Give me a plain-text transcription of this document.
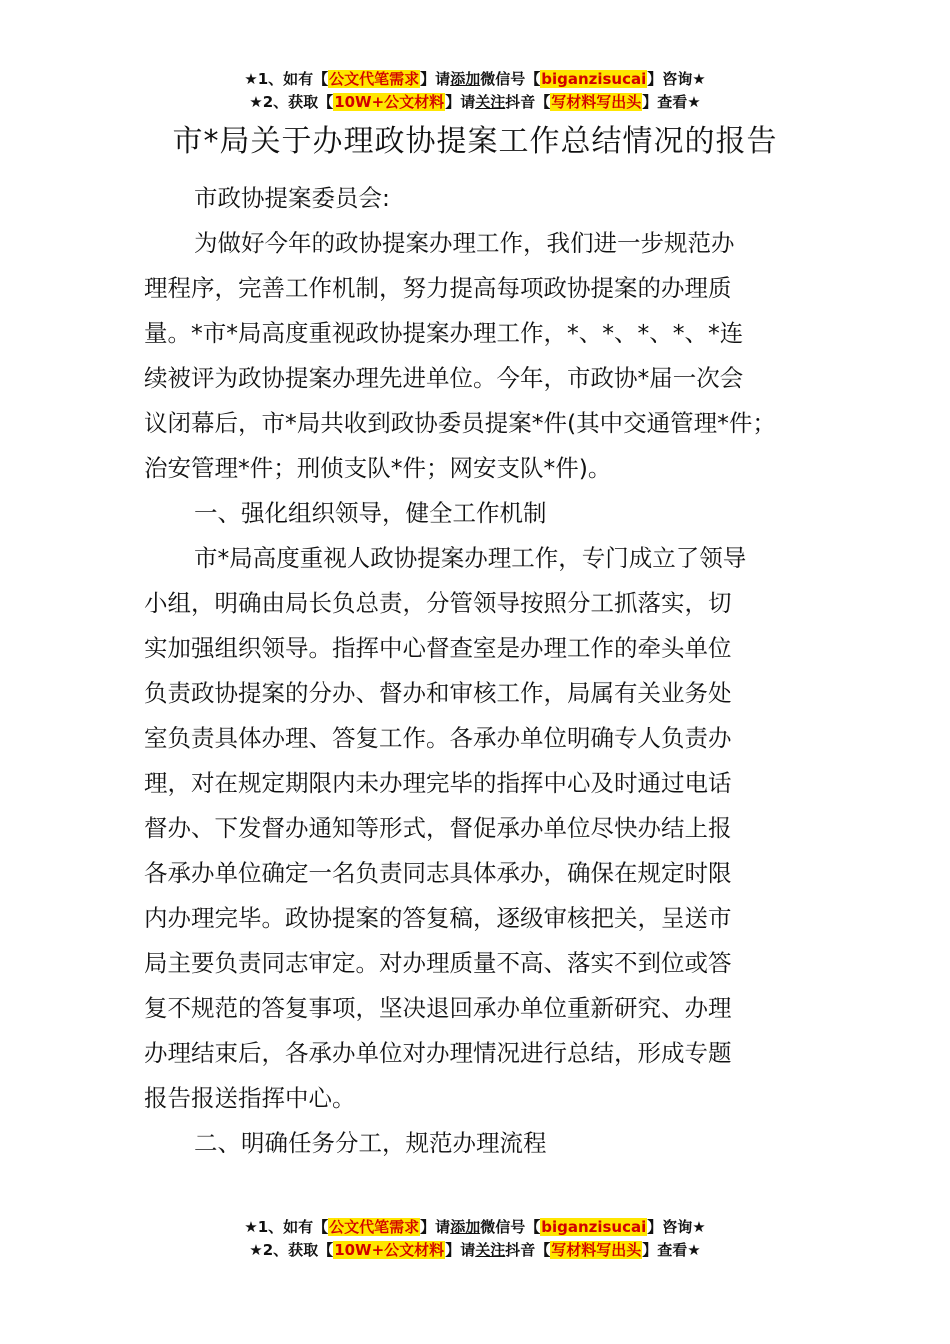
★1、如有【公文代笔需求】请添加微信号【biganzisucai】咨询★
★2、获取【10W+公文材料】请关注抖音【写材料写出头】查看★
市*局关于办理政协提案工作总结情况的报告

市政协提案委员会:

为做好今年的政协提案办理工作，我们进一步规范办
理程序，完善工作机制，努力提高每项政协提案的办理质
量。*市*局高度重视政协提案办理工作，*、*、*、*、*连
续被评为政协提案办理先进单位。今年，市政协*届一次会
议闭幕后，市*局共收到政协委员提案*件(其中交通管理*件；
治安管理*件；刑侦支队*件；网安支队*件)。
一、强化组织领导，健全工作机制
市*局高度重视人政协提案办理工作，专门成立了领导
小组，明确由局长负总责，分管领导按照分工抓落实，切
实加强组织领导。指挥中心督查室是办理工作的牵头单位
负责政协提案的分办、督办和审核工作，局属有关业务处
室负责具体办理、答复工作。各承办单位明确专人负责办
理，对在规定期限内未办理完毕的指挥中心及时通过电话
督办、下发督办通知等形式，督促承办单位尽快办结上报
各承办单位确定一名负责同志具体承办，确保在规定时限
内办理完毕。政协提案的答复稿，逐级审核把关，呈送市
局主要负责同志审定。对办理质量不高、落实不到位或答
复不规范的答复事项，坚决退回承办单位重新研究、办理
办理结束后，各承办单位对办理情况进行总结，形成专题
报告报送指挥中心。
二、明确任务分工，规范办理流程
★1、如有【公文代笔需求】请添加微信号【biganzisucai】咨询★
★2、获取【10W+公文材料】请关注抖音【写材料写出头】查看★
